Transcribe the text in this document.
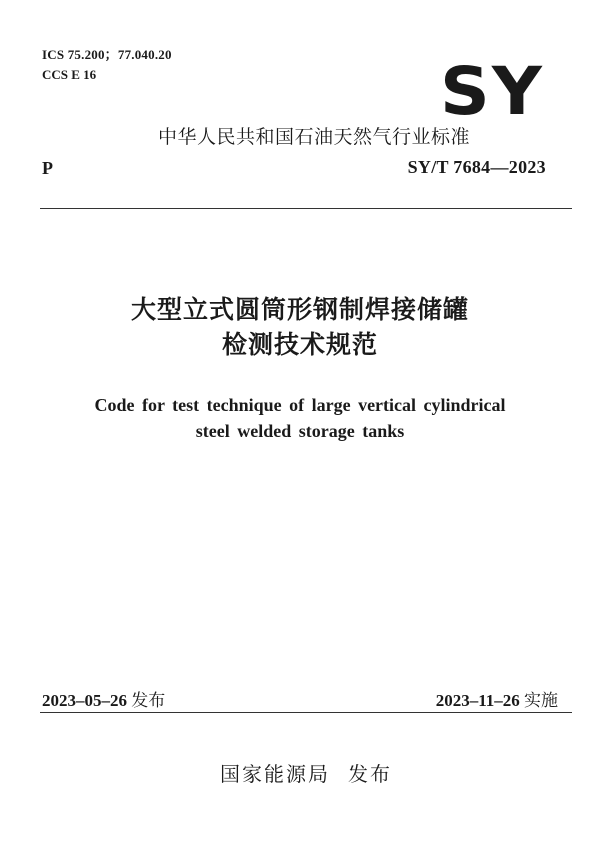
ICS 75.200；77.040.20
CCS E 16	SY
中华人民共和国石油天然气行业标准
P	SY/T 7684—2023
大型立式圆筒形钢制焊接储罐
检测技术规范
Code for test technique of large vertical cylindrical
steel welded storage tanks
2023–05–26 发布	2023–11–26 实施
国家能源局 发布
